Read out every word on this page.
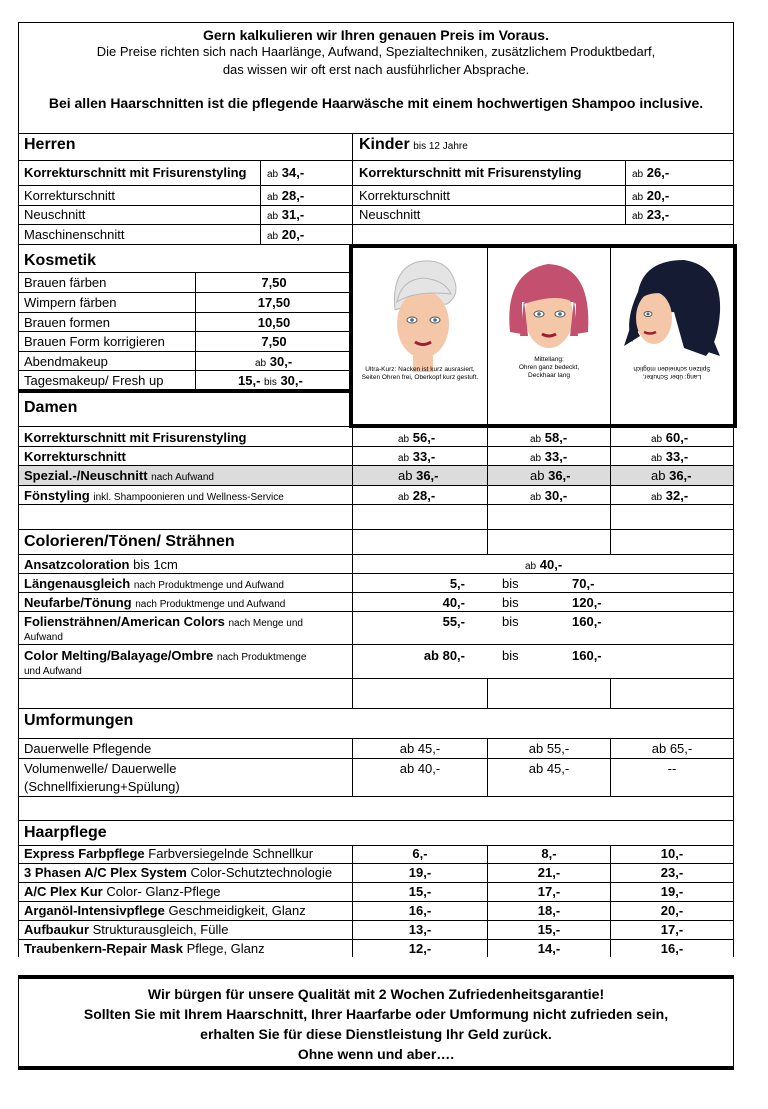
Gern kalkulieren wir Ihren genauen Preis im Voraus.
Die Preise richten sich nach Haarlänge, Aufwand, Spezialtechniken, zusätzlichem Produktbedarf,
das wissen wir oft erst nach ausführlicher Absprache.
Bei allen Haarschnitten ist die pflegende Haarwäsche mit einem hochwertigen Shampoo inclusive.
Herren	Kinder bis 12 Jahre
Korrekturschnitt mit Frisurenstyling ab 34,-
Korrekturschnitt	ab 28,-
Neuschnitt	ab 31,-
Maschinenschnitt	ab 20,-
Korrekturschnitt mit Frisurenstyling	ab 26,-
Korrekturschnitt	ab 20,-
Neuschnitt	ab 23,-
Kosmetik
Brauen färben	7,50
Wimpern färben	17,50
Brauen formen	10,50
Brauen Form korrigieren	7,50
Abendmakeup	ab 30,-
Tagesmakeup/ Fresh up	15,- bis 30,-
Ultra-Kurz: Nacken ist kurz ausrasiert,
Seiten Ohren frei, Oberkopf kurz gestuft.
Mittellang:
Ohren ganz bedeckt,
Deckhaar lang	Lang: über Schulter,
Spitzen schneiden möglich
Damen
Korrekturschnitt mit Frisurenstyling	ab 56,-	ab 58,-	ab 60,-
Korrekturschnitt	ab 33,-	ab 33,-	ab 33,-
Spezial.-/Neuschnitt nach Aufwand	ab 36,-	ab 36,-	ab 36,-
Fönstyling inkl. Shampoonieren und Wellness-Service	ab 28,-	ab 30,-	ab 32,-
Colorieren/Tönen/ Strähnen
Ansatzcoloration bis 1cm	ab 40,-
Längenausgleich nach Produktmenge und Aufwand	5,-	bis	70,-
Neufarbe/Tönung nach Produktmenge und Aufwand	40,-	bis	120,-
Foliensträhnen/American Colors nach Menge und
Aufwand
55,-	bis	160,-
Color Melting/Balayage/Ombre nach Produktmenge
und Aufwand
ab 80,-	bis	160,-
Umformungen
Dauerwelle Pflegende	ab 45,-	ab 55,-	ab 65,-
Volumenwelle/ Dauerwelle
(Schnellfixierung+Spülung)
ab 40,-	ab 45,-	--
Haarpflege
Express Farbpflege Farbversiegelnde Schnellkur	6,-	8,-	10,-
3 Phasen A/C Plex System Color-Schutztechnologie	19,-	21,-	23,-
A/C Plex Kur Color- Glanz-Pflege	15,-	17,-	19,-
Arganöl-Intensivpflege Geschmeidigkeit, Glanz	16,-	18,-	20,-
Aufbaukur Strukturausgleich, Fülle	13,-	15,-	17,-
Traubenkern-Repair Mask Pflege, Glanz	12,-	14,-	16,-
Wir bürgen für unsere Qualität mit 2 Wochen Zufriedenheitsgarantie!
Sollten Sie mit Ihrem Haarschnitt, Ihrer Haarfarbe oder Umformung nicht zufrieden sein,
erhalten Sie für diese Dienstleistung Ihr Geld zurück.
Ohne wenn und aber….
